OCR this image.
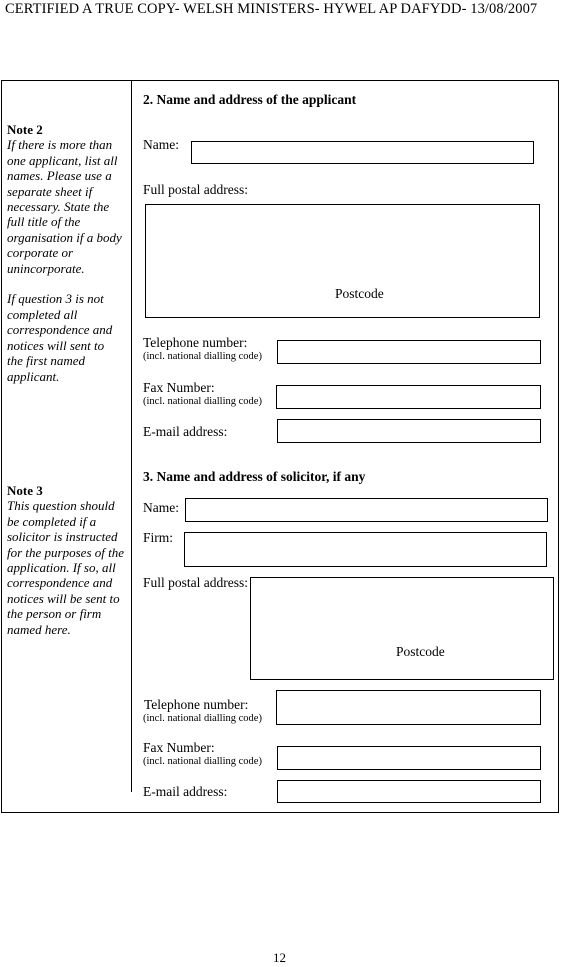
CERTIFIED A TRUE COPY- WELSH MINISTERS- HYWEL AP DAFYDD- 13/08/2007
Note 2
If there is more than
one applicant, list all
names. Please use a
separate sheet if
necessary. State the
full title of the
organisation if a body
corporate or
unincorporate.

If question 3 is not
completed all
correspondence and
notices will sent to
the first named
applicant.
Note 3
This question should
be completed if a
solicitor is instructed
for the purposes of the
application. If so, all
correspondence and
notices will be sent to
the person or firm
named here.
2. Name and address of the applicant
Name:
Full postal address:
Postcode
Telephone number:
(incl. national dialling code)
Fax Number:
(incl. national dialling code)
E-mail address:
3. Name and address of solicitor, if any
Name:
Firm:
Full postal address:
Postcode
Telephone number:
(incl. national dialling code)
Fax Number:
(incl. national dialling code)
E-mail address:
12
